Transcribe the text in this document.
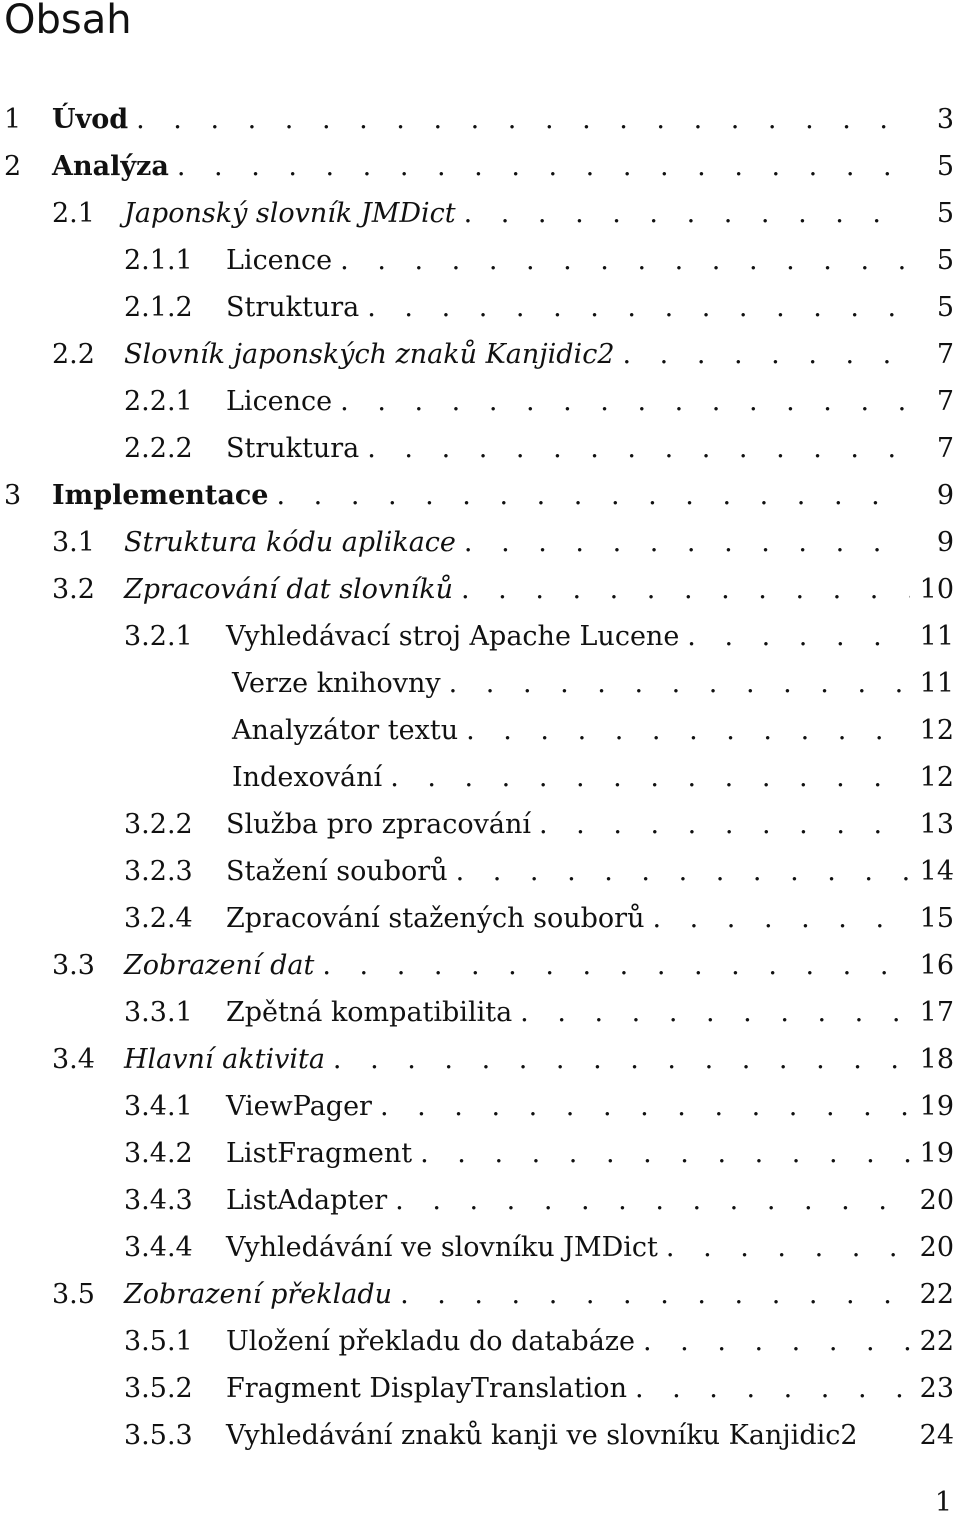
Obsah
1	Úvod . . .	3
2	Analýza . . .	5
2.1	Japonský slovník JMDict . . .	5
2.1.1	Licence . . .	5
2.1.2	Struktura . . .	5
2.2	Slovník japonských znaků Kanjidic2 . . .	7
2.2.1	Licence . . .	7
2.2.2	Struktura . . .	7
3	Implementace . . .	9
3.1	Struktura kódu aplikace . . .	9
3.2	Zpracování dat slovníků . . .	10
3.2.1	Vyhledávací stroj Apache Lucene . . .	11
Verze knihovny . . .	11
Analyzátor textu . . .	12
Indexování . . .	12
3.2.2	Služba pro zpracování . . .	13
3.2.3	Stažení souborů . . .	14
3.2.4	Zpracování stažených souborů . . .	15
3.3	Zobrazení dat . . .	16
3.3.1	Zpětná kompatibilita . . .	17
3.4	Hlavní aktivita . . .	18
3.4.1	ViewPager . . .	19
3.4.2	ListFragment . . .	19
3.4.3	ListAdapter . . .	20
3.4.4	Vyhledávání ve slovníku JMDict . . .	20
3.5	Zobrazení překladu . . .	22
3.5.1	Uložení překladu do databáze . . .	22
3.5.2	Fragment DisplayTranslation . . .	23
3.5.3	Vyhledávání znaků kanji ve slovníku Kanjidic2	24
1
